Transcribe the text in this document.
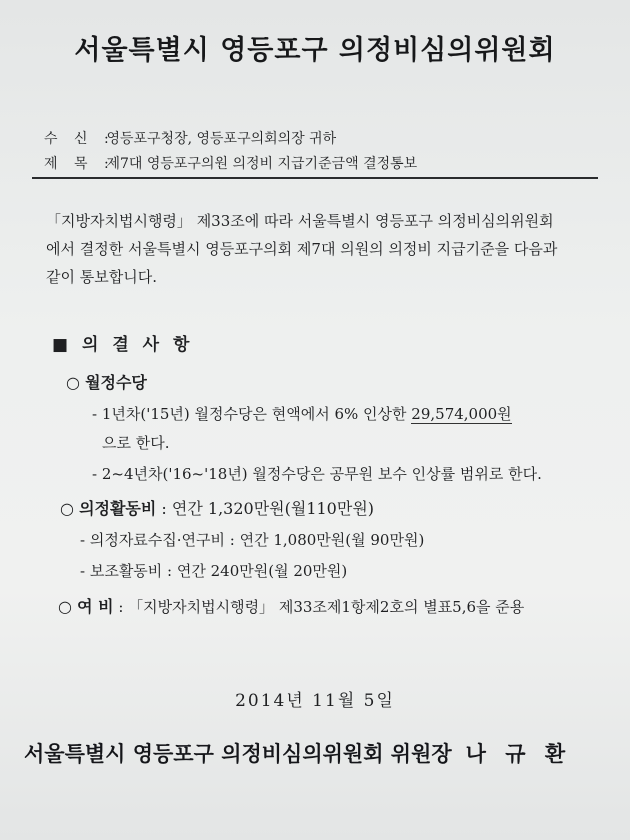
서울특별시 영등포구 의정비심의위원회
수 신 : 영등포구청장, 영등포구의회의장 귀하
제 목 : 제7대 영등포구의원 의정비 지급기준금액 결정통보
「지방자치법시행령」 제33조에 따라 서울특별시 영등포구 의정비심의위원회
에서 결정한 서울특별시 영등포구의회 제7대 의원의 의정비 지급기준을 다음과
같이 통보합니다.
■ 의 결 사 항
○ 월정수당
- 1년차('15년) 월정수당은 현액에서 6% 인상한 29,574,000원
으로 한다.
- 2~4년차('16~'18년) 월정수당은 공무원 보수 인상률 범위로 한다.
○ 의정활동비 : 연간 1,320만원(월110만원)
- 의정자료수집·연구비 : 연간 1,080만원(월 90만원)
- 보조활동비 : 연간 240만원(월 20만원)
○ 여 비 : 「지방자치법시행령」 제33조제1항제2호의 별표5,6을 준용
2014년 11월 5일
서울특별시 영등포구 의정비심의위원회 위원장 나 규 환
